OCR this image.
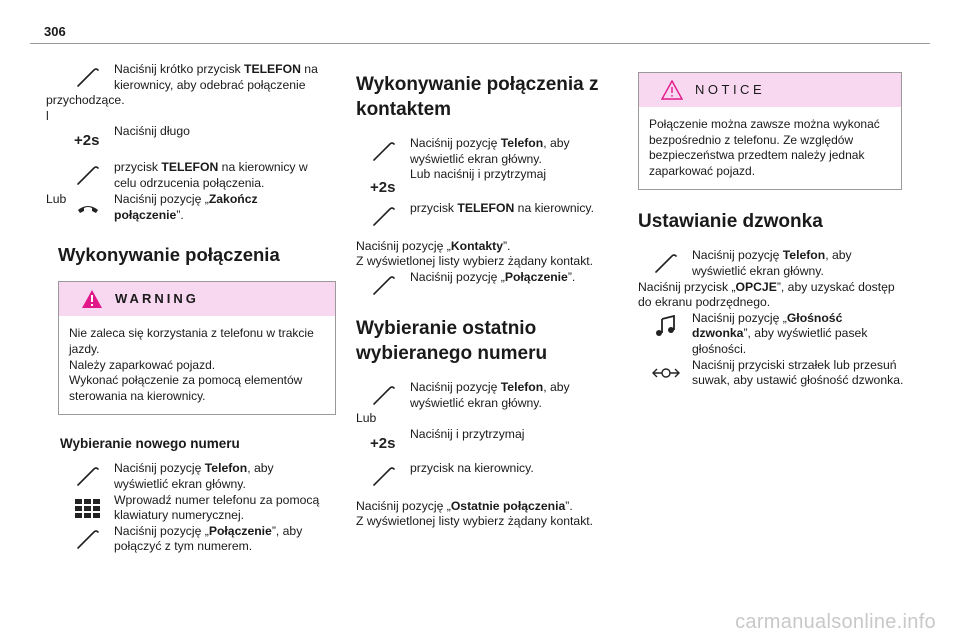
306
Naciśnij krótko przycisk TELEFON na kierownicy, aby odebrać połączenie
przychodzące.
l
+2s
Naciśnij długo
przycisk TELEFON na kierownicy w celu odrzucenia połączenia.
Lub	Naciśnij pozycję „Zakończ połączenie”.
Wykonywanie połączenia
WARNING
Nie zaleca się korzystania z telefonu w trakcie jazdy.
Należy zaparkować pojazd.
Wykonać połączenie za pomocą elementów sterowania na kierownicy.
Wybieranie nowego numeru
Naciśnij pozycję Telefon, aby wyświetlić ekran główny.
Wprowadź numer telefonu za pomocą klawiatury numerycznej.
Naciśnij pozycję „Połączenie”, aby połączyć z tym numerem.
Wykonywanie połączenia z kontaktem
Naciśnij pozycję Telefon, aby wyświetlić ekran główny.
Lub naciśnij i przytrzymaj
+2s
przycisk TELEFON na kierownicy.
Naciśnij pozycję „Kontakty”.
Z wyświetlonej listy wybierz żądany kontakt.
Naciśnij pozycję „Połączenie”.
Wybieranie ostatnio wybieranego numeru
Naciśnij pozycję Telefon, aby wyświetlić ekran główny.
Lub
+2s
Naciśnij i przytrzymaj
przycisk na kierownicy.
Naciśnij pozycję „Ostatnie połączenia”.
Z wyświetlonej listy wybierz żądany kontakt.
NOTICE
Połączenie można zawsze można wykonać bezpośrednio z telefonu. Ze względów bezpieczeństwa przedtem należy jednak zaparkować pojazd.
Ustawianie dzwonka
Naciśnij pozycję Telefon, aby wyświetlić ekran główny.
Naciśnij przycisk „OPCJE”, aby uzyskać dostęp do ekranu podrzędnego.
Naciśnij pozycję „Głośność dzwonka”, aby wyświetlić pasek głośności.
Naciśnij przyciski strzałek lub przesuń suwak, aby ustawić głośność dzwonka.
carmanualsonline.info
